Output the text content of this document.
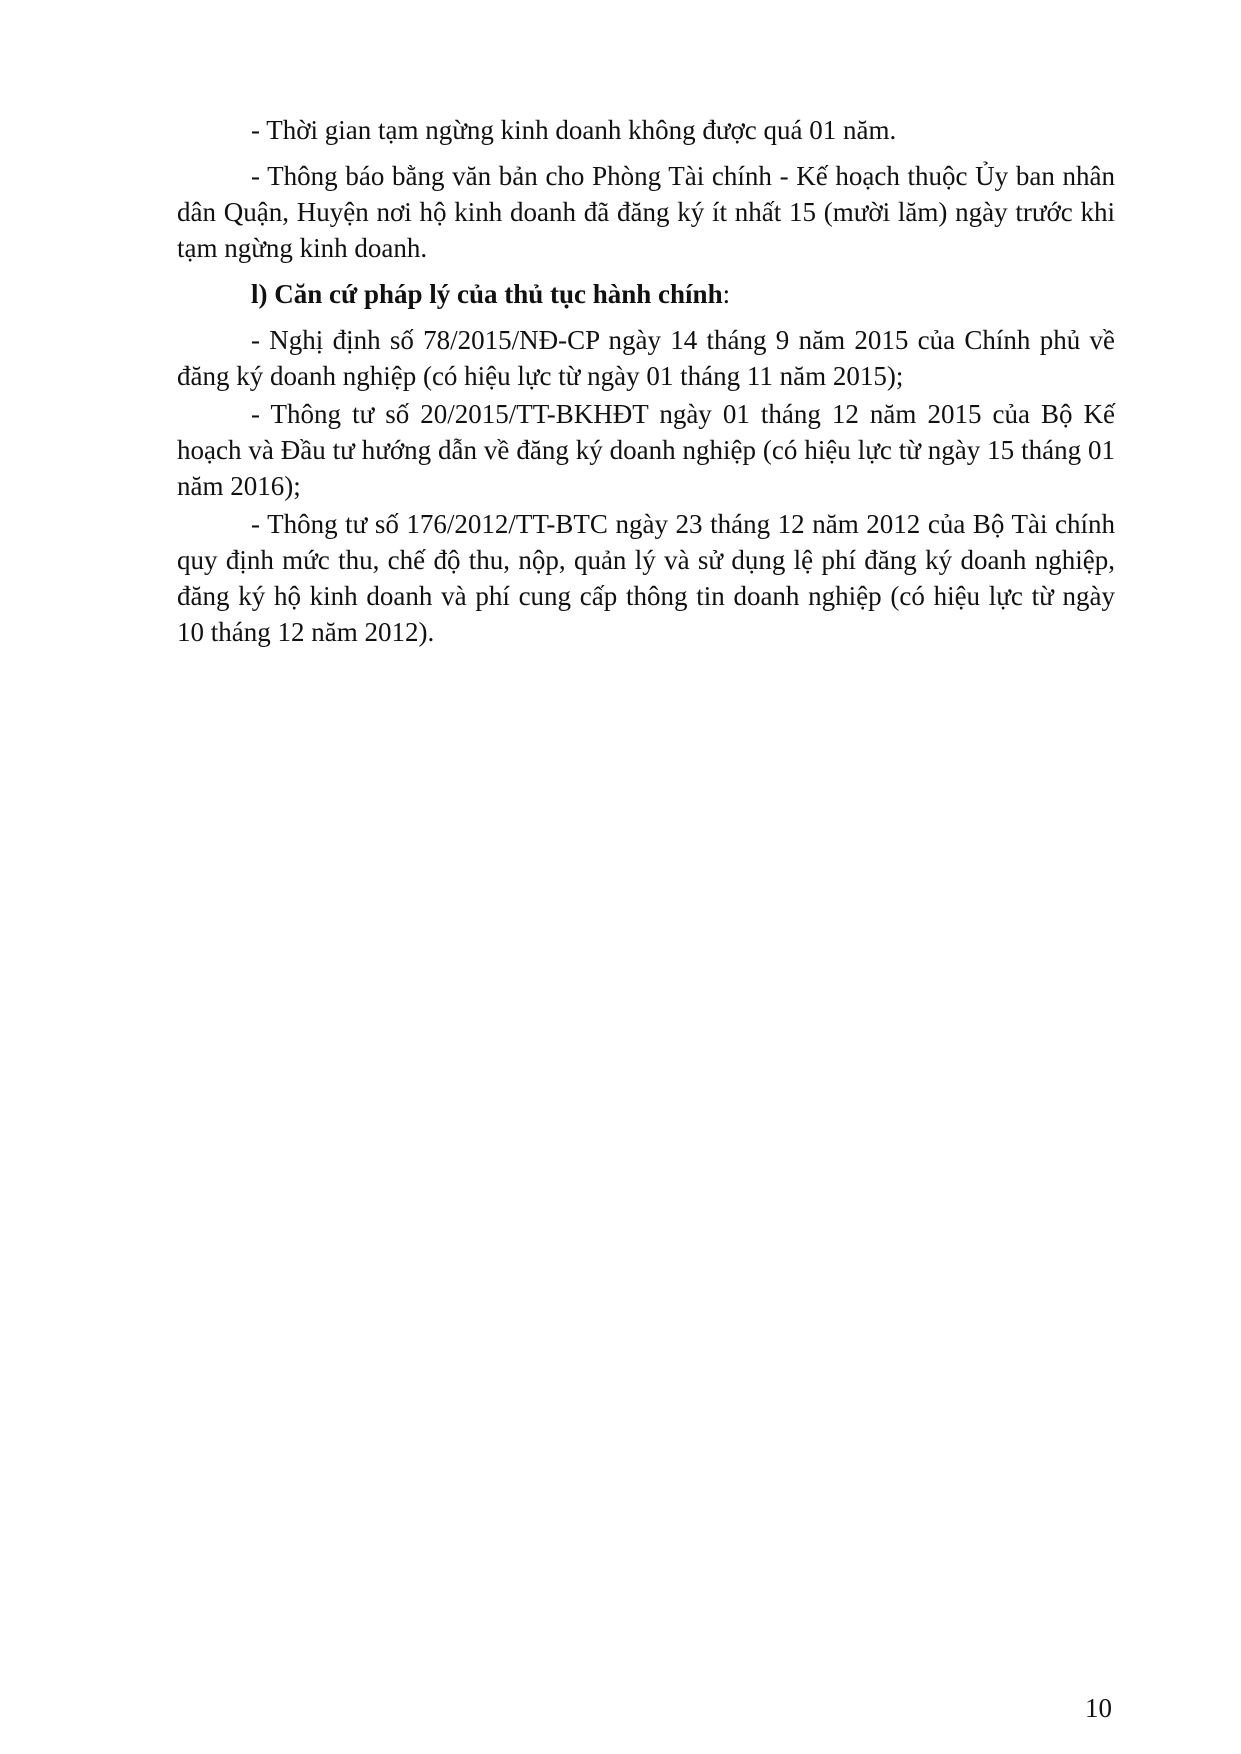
- Thời gian tạm ngừng kinh doanh không được quá 01 năm.

- Thông báo bằng văn bản cho Phòng Tài chính - Kế hoạch thuộc Ủy ban nhân dân Quận, Huyện nơi hộ kinh doanh đã đăng ký ít nhất 15 (mười lăm) ngày trước khi tạm ngừng kinh doanh.

l) Căn cứ pháp lý của thủ tục hành chính:

- Nghị định số 78/2015/NĐ-CP ngày 14 tháng 9 năm 2015 của Chính phủ về đăng ký doanh nghiệp (có hiệu lực từ ngày 01 tháng 11 năm 2015);

- Thông tư số 20/2015/TT-BKHĐT ngày 01 tháng 12 năm 2015 của Bộ Kế hoạch và Đầu tư hướng dẫn về đăng ký doanh nghiệp (có hiệu lực từ ngày 15 tháng 01 năm 2016);

- Thông tư số 176/2012/TT-BTC ngày 23 tháng 12 năm 2012 của Bộ Tài chính quy định mức thu, chế độ thu, nộp, quản lý và sử dụng lệ phí đăng ký doanh nghiệp, đăng ký hộ kinh doanh và phí cung cấp thông tin doanh nghiệp (có hiệu lực từ ngày 10 tháng 12 năm 2012).

10
